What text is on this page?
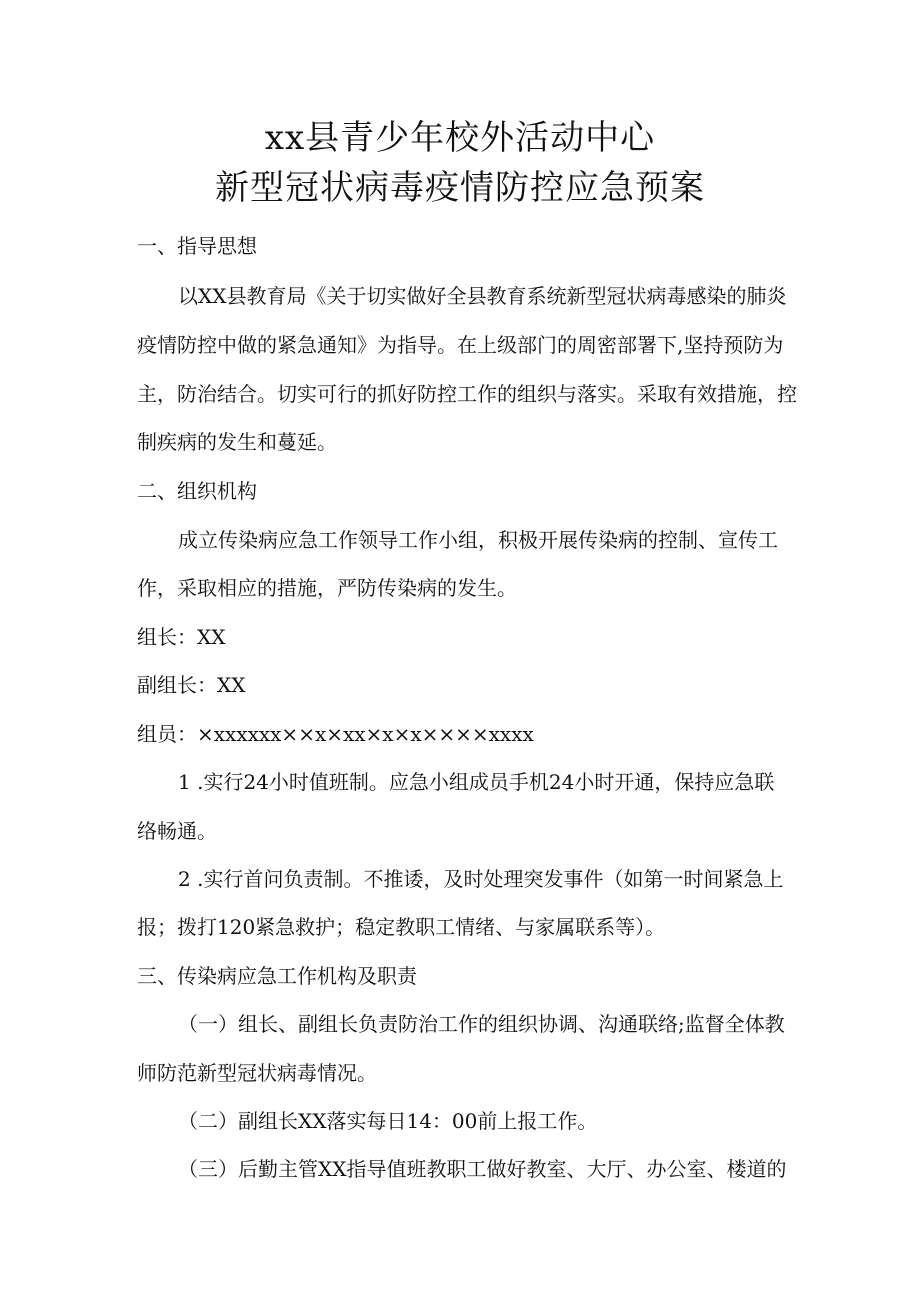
xx县青少年校外活动中心
新型冠状病毒疫情防控应急预案

一、指导思想

以XX县教育局《关于切实做好全县教育系统新型冠状病毒感染的肺炎

疫情防控中做的紧急通知》为指导。在上级部门的周密部署下,坚持预防为

主，防治结合。切实可行的抓好防控工作的组织与落实。采取有效措施，控

制疾病的发生和蔓延。

二、组织机构

成立传染病应急工作领导工作小组，积极开展传染病的控制、宣传工

作，采取相应的措施，严防传染病的发生。

组长：XX

副组长：XX

组员：×xxxxxx××x×xx×x×x××××xxxx

1 .实行24小时值班制。应急小组成员手机24小时开通，保持应急联

络畅通。

2 .实行首问负责制。不推诿，及时处理突发事件（如第一时间紧急上

报；拨打120紧急救护；稳定教职工情绪、与家属联系等）。

三、传染病应急工作机构及职责

（一）组长、副组长负责防治工作的组织协调、沟通联络;监督全体教

师防范新型冠状病毒情况。

（二）副组长XX落实每日14：00前上报工作。

（三）后勤主管XX指导值班教职工做好教室、大厅、办公室、楼道的
